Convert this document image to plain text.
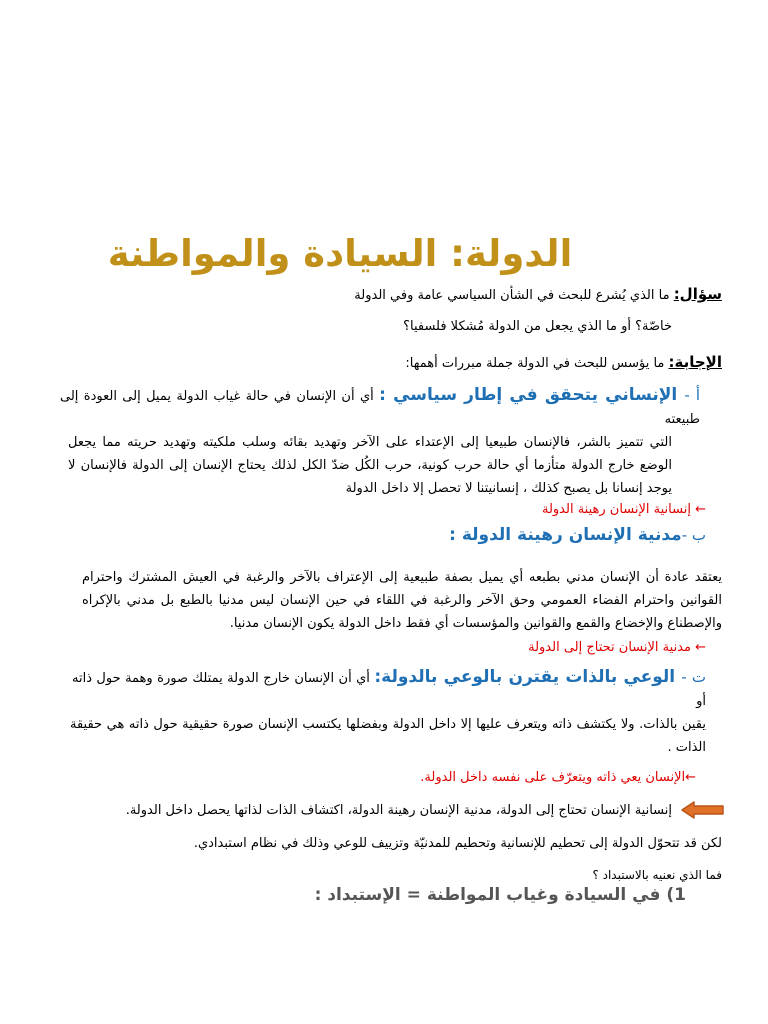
الدولة: السيادة والمواطنة
سؤال: ما الذي يُشرع للبحث في الشأن السياسي عامة وفي الدولة
خاصّة؟ أو ما الذي يجعل من الدولة مُشكلا فلسفيا؟
الإجابة: ما يؤسس للبحث في الدولة جملة مبررات أهمها:
أ - الإنساني يتحقق في إطار سياسي : أي أن الإنسان في حالة غياب الدولة يميل إلى العودة إلى طبيعته
التي تتميز بالشر، فالإنسان طبيعيا إلى الإعتداء على الآخر وتهديد بقائه وسلب ملكيته وتهديد حريته مما يجعل الوضع خارج الدولة متأزما أي حالة حرب كونية، حرب الكُل ضدّ الكل لذلك يحتاج الإنسان إلى الدولة فالإنسان لا يوجد إنسانا بل يصبح كذلك ، إنسانيتنا لا تحصل إلا داخل الدولة
← إنسانية الإنسان رهينة الدولة
ب -مدنية الإنسان رهينة الدولة :
يعتقد عادة أن الإنسان مدني بطبعه أي يميل بصفة طبيعية إلى الإعتراف بالآخر والرغبة في العيش المشترك واحترام القوانين واحترام الفضاء العمومي وحق الآخر والرغبة في اللقاء في حين الإنسان ليس مدنيا بالطبع بل مدني بالإكراه والإصطناع والإخضاع والقمع والقوانين والمؤسسات أي فقط داخل الدولة يكون الإنسان مدنيا.
← مدنية الإنسان تحتاج إلى الدولة
ت - الوعي بالذات يقترن بالوعي بالدولة: أي أن الإنسان خارج الدولة يمتلك صورة وهمة حول ذاته أو
يقين بالذات. ولا يكتشف ذاته ويتعرف عليها إلا داخل الدولة وبفضلها يكتسب الإنسان صورة حقيقية حول ذاته هي حقيقة الذات .
←الإنسان يعي ذاته ويتعرّف على نفسه داخل الدولة.
إنسانية الإنسان تحتاج إلى الدولة، مدنية الإنسان رهينة الدولة، اكتشاف الذات لذاتها يحصل داخل الدولة.
لكن قد تتحوّل الدولة إلى تحطيم للإنسانية وتحطيم للمدنيّة وتزييف للوعي وذلك في نظام استبدادي.
فما الذي نعنيه بالاستبداد ؟
1) في السيادة وغياب المواطنة = الإستبداد :
